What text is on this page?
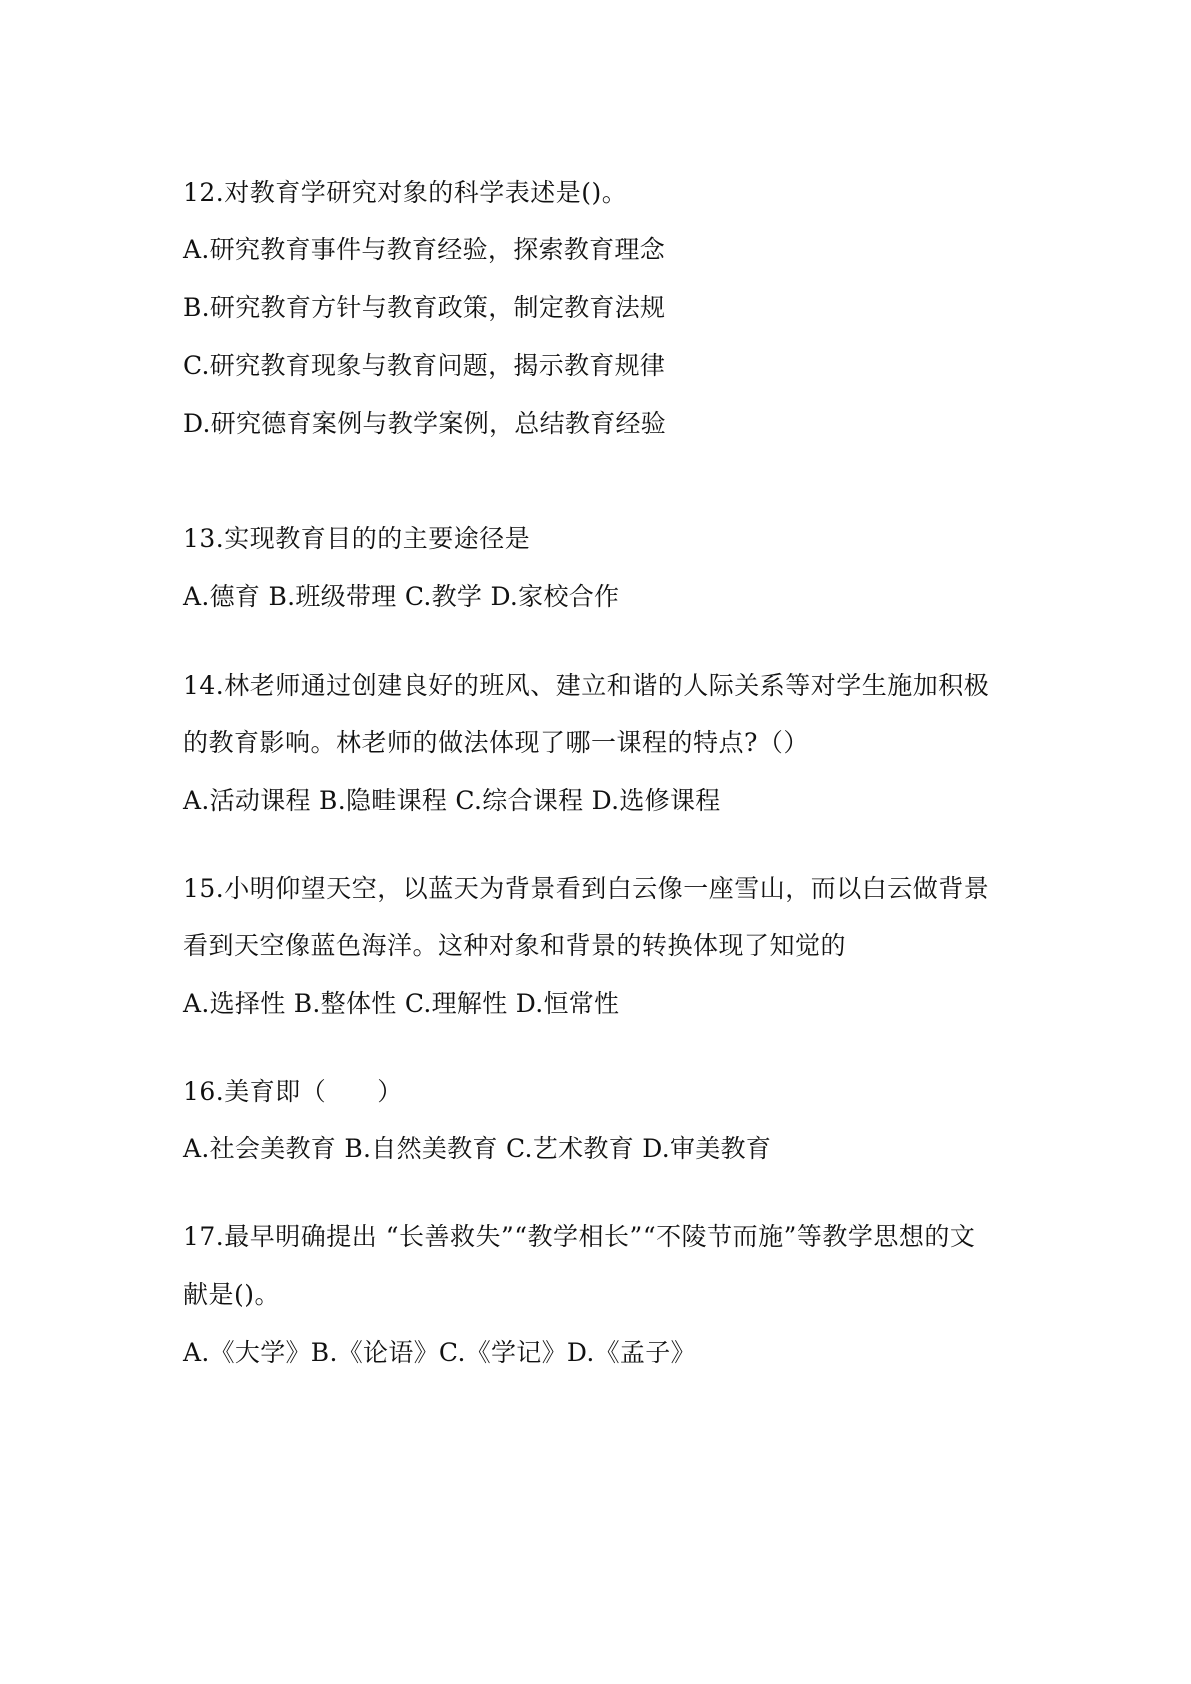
12.对教育学研究对象的科学表述是()。
A.研究教育事件与教育经验，探索教育理念
B.研究教育方针与教育政策，制定教育法规
C.研究教育现象与教育问题，揭示教育规律
D.研究德育案例与教学案例，总结教育经验
13.实现教育目的的主要途径是
A.德育 B.班级带理 C.教学 D.家校合作
14.林老师通过创建良好的班风、建立和谐的人际关系等对学生施加积极
的教育影响。林老师的做法体现了哪一课程的特点?（）
A.活动课程 B.隐畦课程 C.综合课程 D.选修课程
15.小明仰望天空，以蓝天为背景看到白云像一座雪山，而以白云做背景
看到天空像蓝色海洋。这种对象和背景的转换体现了知觉的
A.选择性 B.整体性 C.理解性 D.恒常性
16.美育即（　　）
A.社会美教育 B.自然美教育 C.艺术教育 D.审美教育
17.最早明确提出 “长善救失”“教学相长”“不陵节而施”等教学思想的文
献是()。
A.《大学》B.《论语》C.《学记》D.《孟子》
